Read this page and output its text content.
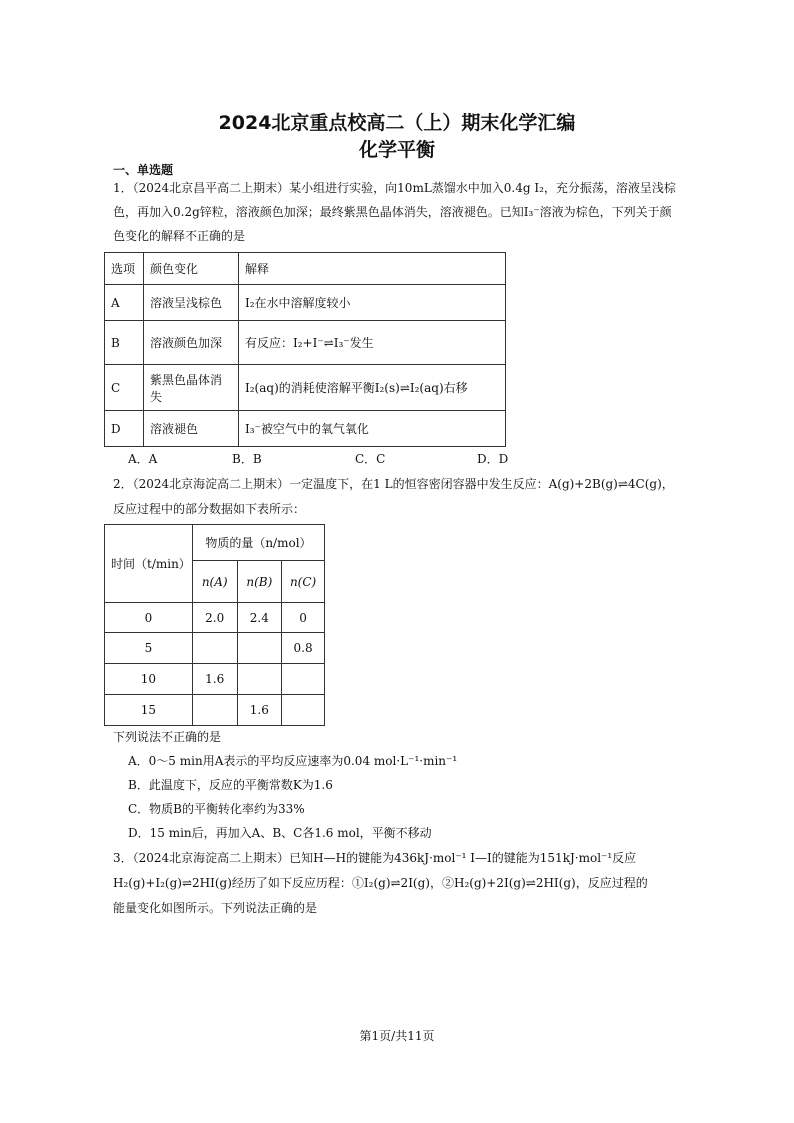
2024北京重点校高二（上）期末化学汇编
化学平衡
一、单选题
1．（2024北京昌平高二上期末）某小组进行实验，向10mL蒸馏水中加入0.4g I₂，充分振荡，溶液呈浅棕
色，再加入0.2g锌粒，溶液颜色加深；最终紫黑色晶体消失，溶液褪色。已知I₃⁻溶液为棕色，下列关于颜
色变化的解释不正确的是
选项	颜色变化	解释
A	溶液呈浅棕色	I₂在水中溶解度较小
B	溶液颜色加深	有反应：I₂+I⁻⇌I₃⁻发生
C	紫黑色晶体消失	I₂(aq)的消耗使溶解平衡I₂(s)⇌I₂(aq)右移
D	溶液褪色	I₃⁻被空气中的氧气氧化
A．A	B．B	C．C	D．D
2．（2024北京海淀高二上期末）一定温度下，在1 L的恒容密闭容器中发生反应：A(g)+2B(g)⇌4C(g)，
反应过程中的部分数据如下表所示：
时间（t/min）	物质的量（n/mol）		
	n(A)	n(B)	n(C)
0	2.0	2.4	0
5			0.8
10	1.6		
15		1.6	
下列说法不正确的是
A．0～5 min用A表示的平均反应速率为0.04 mol·L⁻¹·min⁻¹
B．此温度下，反应的平衡常数K为1.6
C．物质B的平衡转化率约为33%
D．15 min后，再加入A、B、C各1.6 mol，平衡不移动
3．（2024北京海淀高二上期末）已知H—H的键能为436kJ·mol⁻¹ I—I的键能为151kJ·mol⁻¹反应
H₂(g)+I₂(g)⇌2HI(g)经历了如下反应历程：①I₂(g)⇌2I(g)，②H₂(g)+2I(g)⇌2HI(g)，反应过程的
能量变化如图所示。下列说法正确的是
第1页/共11页
